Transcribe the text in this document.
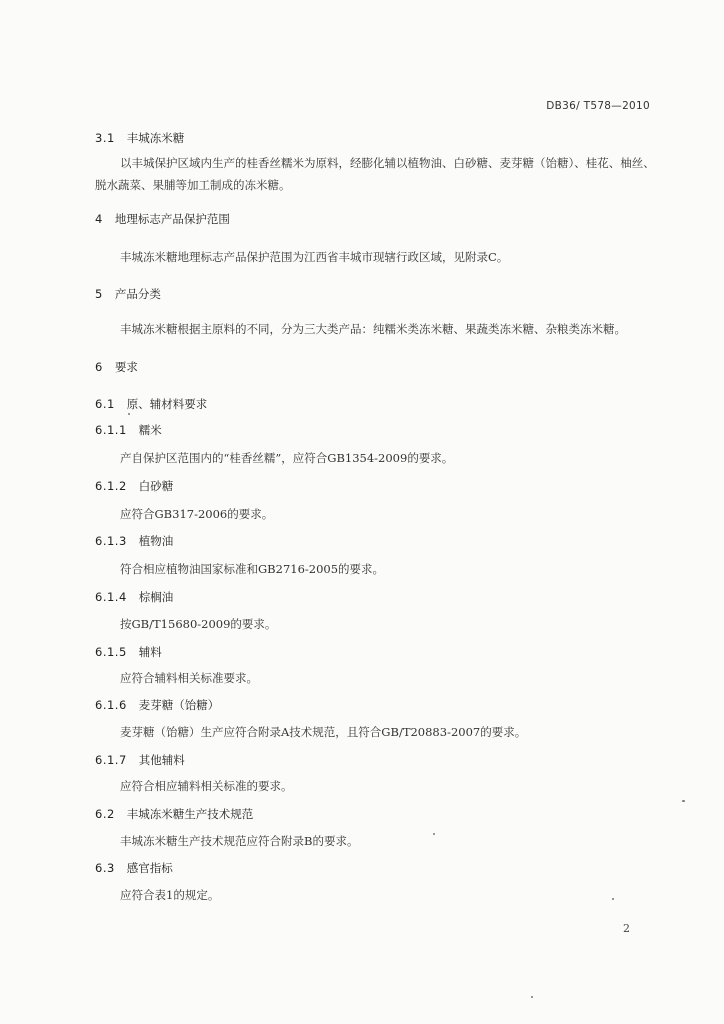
DB36/ T578—2010
3.1 丰城冻米糖
以丰城保护区域内生产的桂香丝糯米为原料，经膨化辅以植物油、白砂糖、麦芽糖（饴糖）、桂花、柚丝、脱水蔬菜、果脯等加工制成的冻米糖。
4 地理标志产品保护范围
丰城冻米糖地理标志产品保护范围为江西省丰城市现辖行政区域，见附录C。
5 产品分类
丰城冻米糖根据主原料的不同，分为三大类产品：纯糯米类冻米糖、果蔬类冻米糖、杂粮类冻米糖。
6 要求
6.1 原、辅材料要求
6.1.1 糯米
产自保护区范围内的“桂香丝糯”，应符合GB1354-2009的要求。
6.1.2 白砂糖
应符合GB317-2006的要求。
6.1.3 植物油
符合相应植物油国家标准和GB2716-2005的要求。
6.1.4 棕榈油
按GB/T15680-2009的要求。
6.1.5 辅料
应符合辅料相关标准要求。
6.1.6 麦芽糖（饴糖）
麦芽糖（饴糖）生产应符合附录A技术规范，且符合GB/T20883-2007的要求。
6.1.7 其他辅料
应符合相应辅料相关标准的要求。
6.2 丰城冻米糖生产技术规范
丰城冻米糖生产技术规范应符合附录B的要求。
6.3 感官指标
应符合表1的规定。
2
